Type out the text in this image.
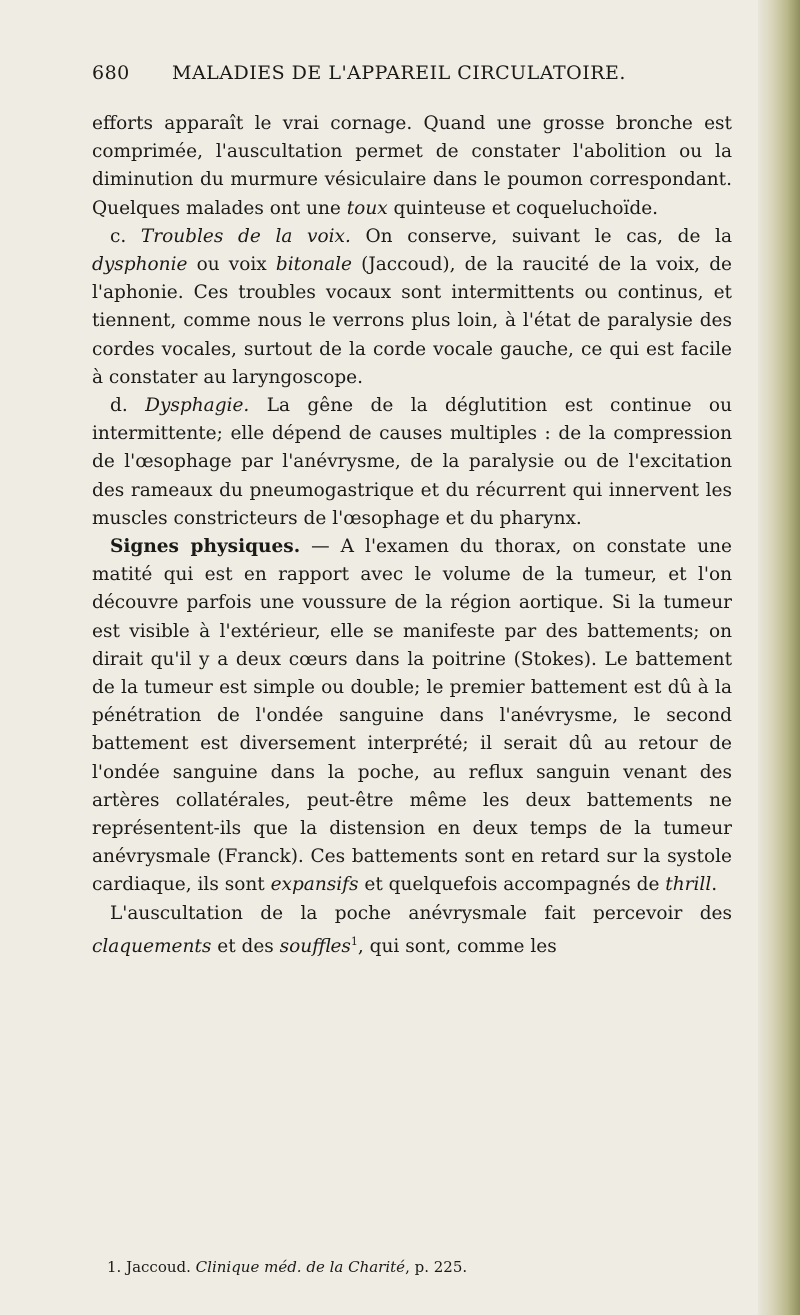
680 MALADIES DE L'APPAREIL CIRCULATOIRE.

efforts apparaît le vrai cornage. Quand une grosse bronche est comprimée, l'auscultation permet de constater l'abolition ou la diminution du murmure vésiculaire dans le poumon correspondant. Quelques malades ont une toux quinteuse et coqueluchoïde.

c. Troubles de la voix. On conserve, suivant le cas, de la dysphonie ou voix bitonale (Jaccoud), de la raucité de la voix, de l'aphonie. Ces troubles vocaux sont intermittents ou continus, et tiennent, comme nous le verrons plus loin, à l'état de paralysie des cordes vocales, surtout de la corde vocale gauche, ce qui est facile à constater au laryngoscope.

d. Dysphagie. La gêne de la déglutition est continue ou intermittente; elle dépend de causes multiples : de la compression de l'œsophage par l'anévrysme, de la paralysie ou de l'excitation des rameaux du pneumogastrique et du récurrent qui innervent les muscles constricteurs de l'œsophage et du pharynx.

Signes physiques. — A l'examen du thorax, on constate une matité qui est en rapport avec le volume de la tumeur, et l'on découvre parfois une voussure de la région aortique. Si la tumeur est visible à l'extérieur, elle se manifeste par des battements; on dirait qu'il y a deux cœurs dans la poitrine (Stokes). Le battement de la tumeur est simple ou double; le premier battement est dû à la pénétration de l'ondée sanguine dans l'anévrysme, le second battement est diversement interprété; il serait dû au retour de l'ondée sanguine dans la poche, au reflux sanguin venant des artères collatérales, peut-être même les deux battements ne représentent-ils que la distension en deux temps de la tumeur anévrysmale (Franck). Ces battements sont en retard sur la systole cardiaque, ils sont expansifs et quelquefois accompagnés de thrill.

L'auscultation de la poche anévrysmale fait percevoir des claquements et des souffles$^1$, qui sont, comme les

1. Jaccoud. Clinique méd. de la Charité, p. 225.
